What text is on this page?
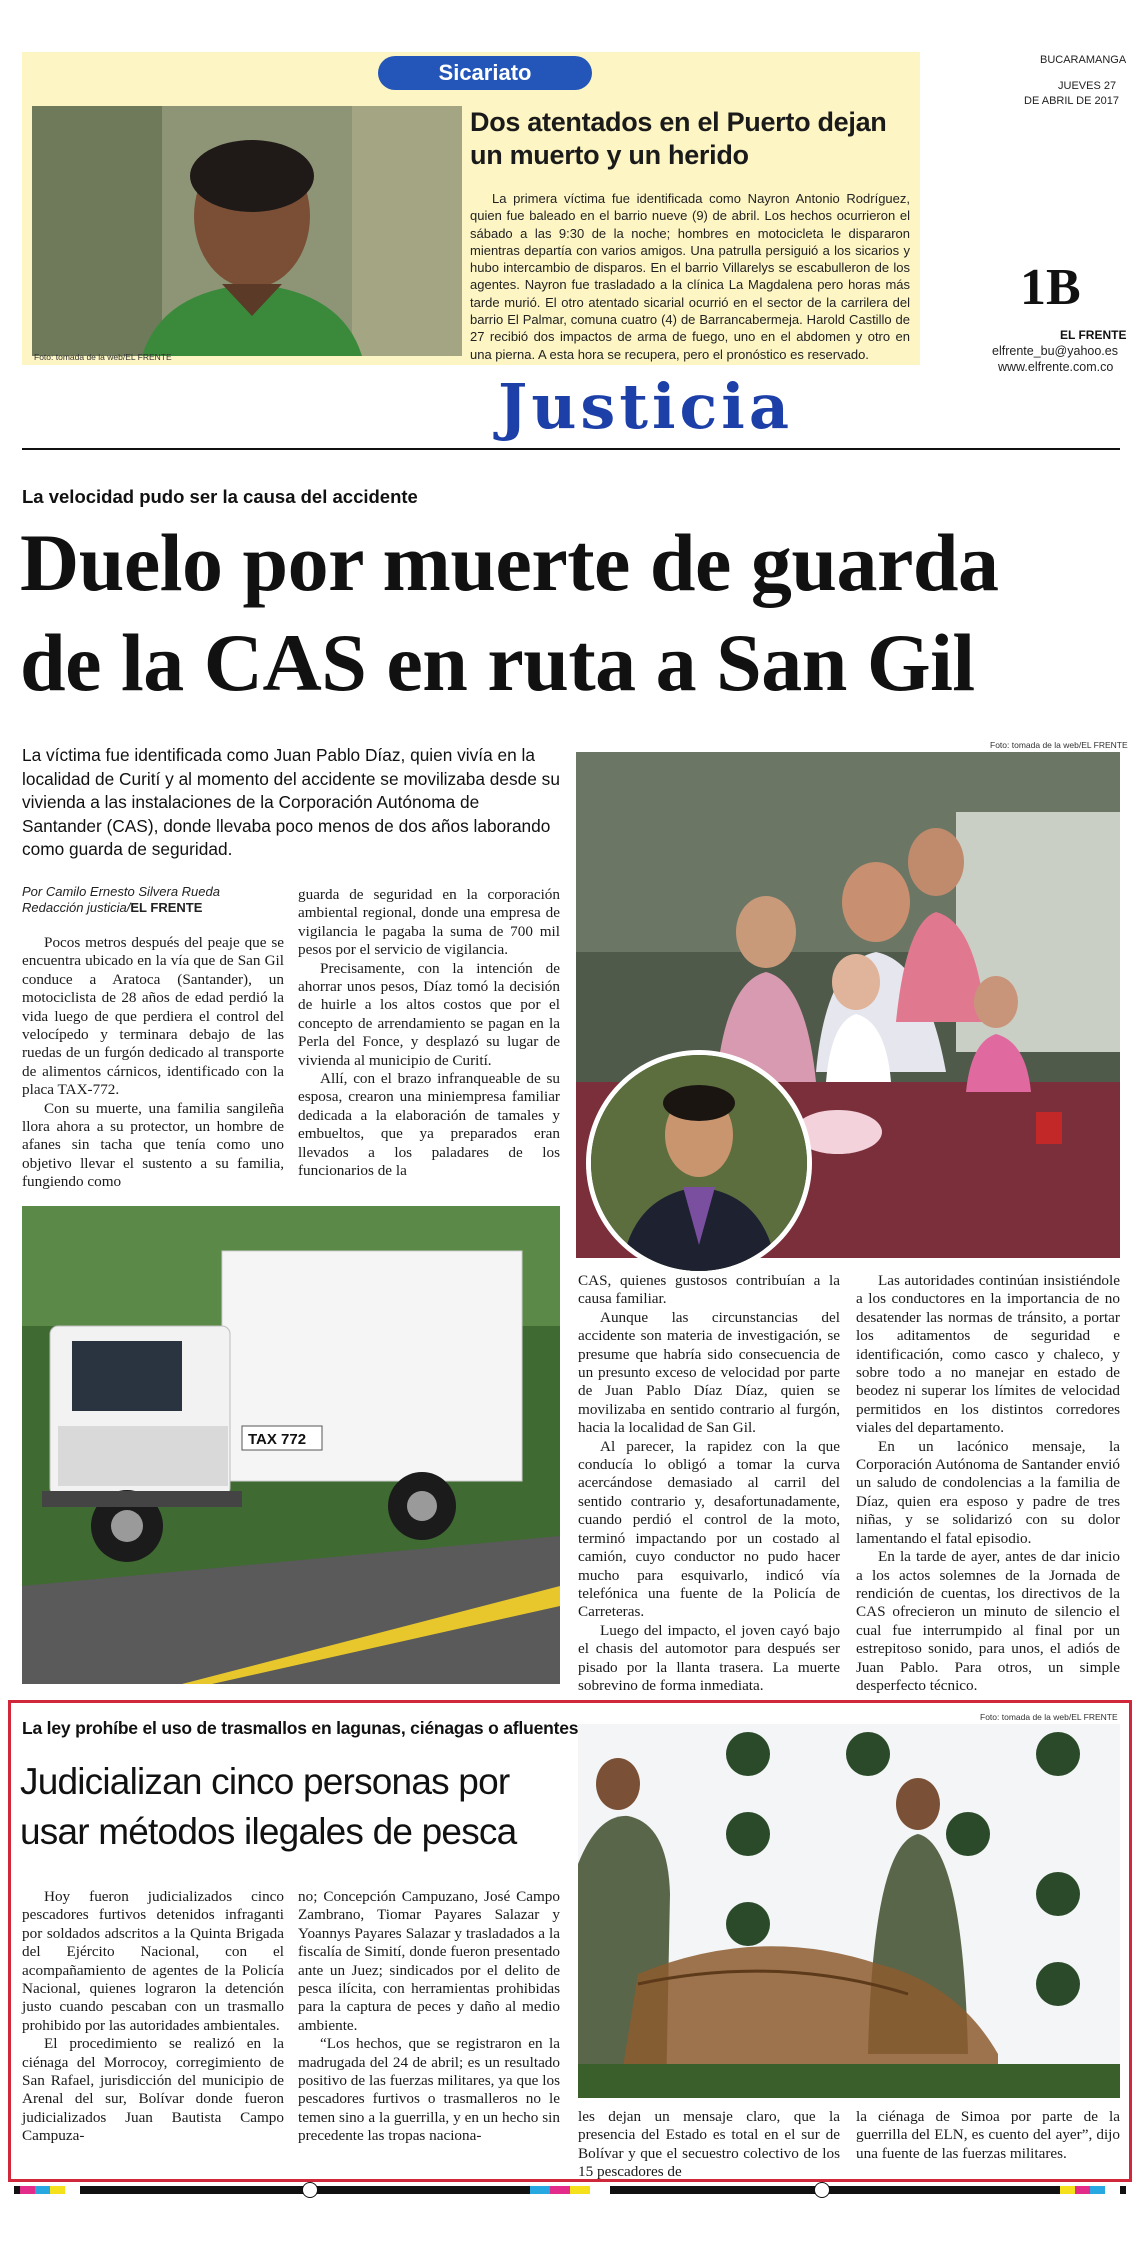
Foto: tomada de la web/EL FRENTE
Sicariato
Dos atentados en el Puerto dejan un muerto y un herido
La primera víctima fue identificada como Nayron Antonio Rodríguez, quien fue baleado en el barrio nueve (9) de abril. Los hechos ocurrieron el sábado a las 9:30 de la noche; hombres en motocicleta le dispararon mientras departía con varios amigos. Una patrulla persiguió a los sicarios y hubo intercambio de disparos. En el barrio Villarelys se escabulleron de los agentes. Nayron fue trasladado a la clínica La Magdalena pero horas más tarde murió. El otro atentado sicarial ocurrió en el sector de la carrilera del barrio El Palmar, comuna cuatro (4) de Barrancabermeja. Harold Castillo de 27 recibió dos impactos de arma de fuego, uno en el abdomen y otro en una pierna. A esta hora se recupera, pero el pronóstico es reservado.
BUCARAMANGA
JUEVES 27
DE ABRIL DE 2017
1B
EL FRENTE
elfrente_bu@yahoo.es
www.elfrente.com.co
Justicia
La velocidad pudo ser la causa del accidente
Duelo por muerte de guarda
de la CAS en ruta a San Gil
La víctima fue identificada como Juan Pablo Díaz, quien vivía en la localidad de Curití y al momento del accidente se movilizaba desde su vivienda a las instalaciones de la Corporación Autónoma de Santander (CAS), donde llevaba poco menos de dos años laborando como guarda de seguridad.
Por Camilo Ernesto Silvera Rueda
Redacción justicia/EL FRENTE

Pocos metros después del peaje que se encuentra ubicado en la vía que de San Gil conduce a Aratoca (Santander), un motociclista de 28 años de edad perdió la vida luego de que perdiera el control del velocípedo y terminara debajo de las ruedas de un furgón dedicado al transporte de alimentos cárnicos, identificado con la placa TAX-772.

Con su muerte, una familia sangileña llora ahora a su protector, un hombre de afanes sin tacha que tenía como uno objetivo llevar el sustento a su familia, fungiendo como

guarda de seguridad en la corporación ambiental regional, donde una empresa de vigilancia le pagaba la suma de 700 mil pesos por el servicio de vigilancia.

Precisamente, con la intención de ahorrar unos pesos, Díaz tomó la decisión de huirle a los altos costos que por el concepto de arrendamiento se pagan en la Perla del Fonce, y desplazó su lugar de vivienda al municipio de Curití.

Allí, con el brazo infranqueable de su esposa, crearon una miniempresa familiar dedicada a la elaboración de tamales y embueltos, que ya preparados eran llevados a los paladares de los funcionarios de la

Foto: tomada de la web/EL FRENTE
TAX 772

CAS, quienes gustosos contribuían a la causa familiar.

Aunque las circunstancias del accidente son materia de investigación, se presume que habría sido consecuencia de un presunto exceso de velocidad por parte de Juan Pablo Díaz Díaz, quien se movilizaba en sentido contrario al furgón, hacia la localidad de San Gil.

Al parecer, la rapidez con la que conducía lo obligó a tomar la curva acercándose demasiado al carril del sentido contrario y, desafortunadamente, cuando perdió el control de la moto, terminó impactando por un costado al camión, cuyo conductor no pudo hacer mucho para esquivarlo, indicó vía telefónica una fuente de la Policía de Carreteras.

Luego del impacto, el joven cayó bajo el chasis del automotor para después ser pisado por la llanta trasera. La muerte sobrevino de forma inmediata.

Las autoridades continúan insistiéndole a los conductores en la importancia de no desatender las normas de tránsito, a portar los aditamentos de seguridad e identificación, como casco y chaleco, y sobre todo a no manejar en estado de beodez ni superar los límites de velocidad permitidos en los distintos corredores viales del departamento.

En un lacónico mensaje, la Corporación Autónoma de Santander envió un saludo de condolencias a la familia de Díaz, quien era esposo y padre de tres niñas, y se solidarizó con su dolor lamentando el fatal episodio.

En la tarde de ayer, antes de dar inicio a los actos solemnes de la Jornada de rendición de cuentas, los directivos de la CAS ofrecieron un minuto de silencio el cual fue interrumpido al final por un estrepitoso sonido, para unos, el adiós de Juan Pablo. Para otros, un simple desperfecto técnico.

La ley prohíbe el uso de trasmallos en lagunas, ciénagas o afluentes
Judicializan cinco personas por
usar métodos ilegales de pesca

Hoy fueron judicializados cinco pescadores furtivos detenidos infraganti por soldados adscritos a la Quinta Brigada del Ejército Nacional, con el acompañamiento de agentes de la Policía Nacional, quienes lograron la detención justo cuando pescaban con un trasmallo prohibido por las autoridades ambientales.

El procedimiento se realizó en la ciénaga del Morrocoy, corregimiento de San Rafael, jurisdicción del municipio de Arenal del sur, Bolívar donde fueron judicializados Juan Bautista Campo Campuza-

no; Concepción Campuzano, José Campo Zambrano, Tiomar Payares Salazar y Yoannys Payares Salazar y trasladados a la fiscalía de Simití, donde fueron presentado ante un Juez; sindicados por el delito de pesca ilícita, con herramientas prohibidas para la captura de peces y daño al medio ambiente.

“Los hechos, que se registraron en la madrugada del 24 de abril; es un resultado positivo de las fuerzas militares, ya que los pescadores furtivos o trasmalleros no le temen sino a la guerrilla, y en un hecho sin precedente las tropas naciona-

Foto: tomada de la web/EL FRENTE

les dejan un mensaje claro, que la presencia del Estado es total en el sur de Bolívar y que el secuestro colectivo de los 15 pescadores de

la ciénaga de Simoa por parte de la guerrilla del ELN, es cuento del ayer”, dijo una fuente de las fuerzas militares.
